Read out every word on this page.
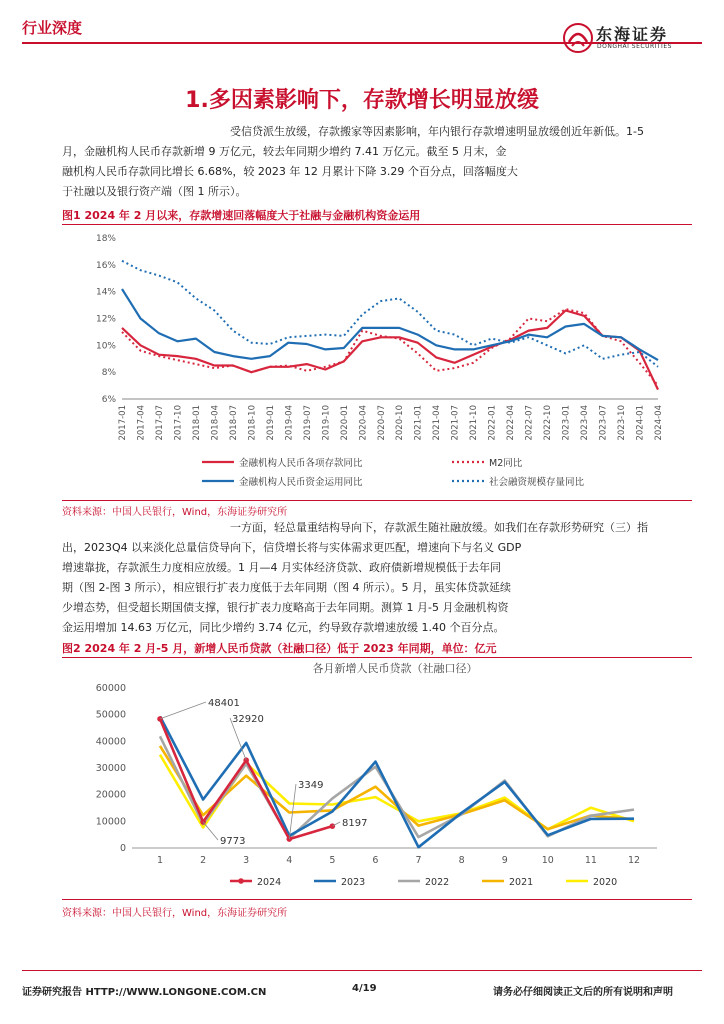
行业深度	东海证券
DONGHAI SECURITIES
1.多因素影响下，存款增长明显放缓
受信贷派生放缓，存款搬家等因素影响，年内银行存款增速明显放缓创近年新低。1-5
月，金融机构人民币存款新增 9 万亿元，较去年同期少增约 7.41 万亿元。截至 5 月末，金
融机构人民币存款同比增长 6.68%，较 2023 年 12 月累计下降 3.29 个百分点，回落幅度大
于社融以及银行资产端（图 1 所示）。
图1 2024 年 2 月以来，存款增速回落幅度大于社融与金融机构资金运用
6%
8%
10%
12%
14%
16%
18%
2017-01 2017-04 2017-07 2017-10 2018-01 2018-04 2018-07 2018-10 2019-01 2019-04 2019-07 2019-10 2020-01 2020-04 2020-07 2020-10 2021-01 2021-04 2021-07 2021-10 2022-01 2022-04 2022-07 2022-10 2023-01 2023-04 2023-07 2023-10 2024-01 2024-04
金融机构人民币各项存款同比	M2同比
金融机构人民币资金运用同比	社会融资规模存量同比
资料来源：中国人民银行，Wind，东海证券研究所
一方面，轻总量重结构导向下，存款派生随社融放缓。如我们在存款形势研究（三）指
出，2023Q4 以来淡化总量信贷导向下，信贷增长将与实体需求更匹配，增速向下与名义 GDP
增速靠拢，存款派生力度相应放缓。1 月—4 月实体经济贷款、政府债新增规模低于去年同
期（图 2-图 3 所示），相应银行扩表力度低于去年同期（图 4 所示）。5 月，虽实体贷款延续
少增态势，但受超长期国债支撑，银行扩表力度略高于去年同期。测算 1 月-5 月金融机构资
金运用增加 14.63 万亿元，同比少增约 3.74 亿元，约导致存款增速放缓 1.40 个百分点。
图2 2024 年 2 月-5 月，新增人民币贷款（社融口径）低于 2023 年同期，单位：亿元
各月新增人民币贷款（社融口径）
0
10000
20000
30000
40000
50000
60000
1	2	3	4	5	6	7	8	9	10	11	12
48401
32920
3349
8197
9773
2024	2023	2022	2021	2020
资料来源：中国人民银行，Wind，东海证券研究所
证券研究报告 HTTP://WWW.LONGONE.COM.CN	4/19	请务必仔细阅读正文后的所有说明和声明
